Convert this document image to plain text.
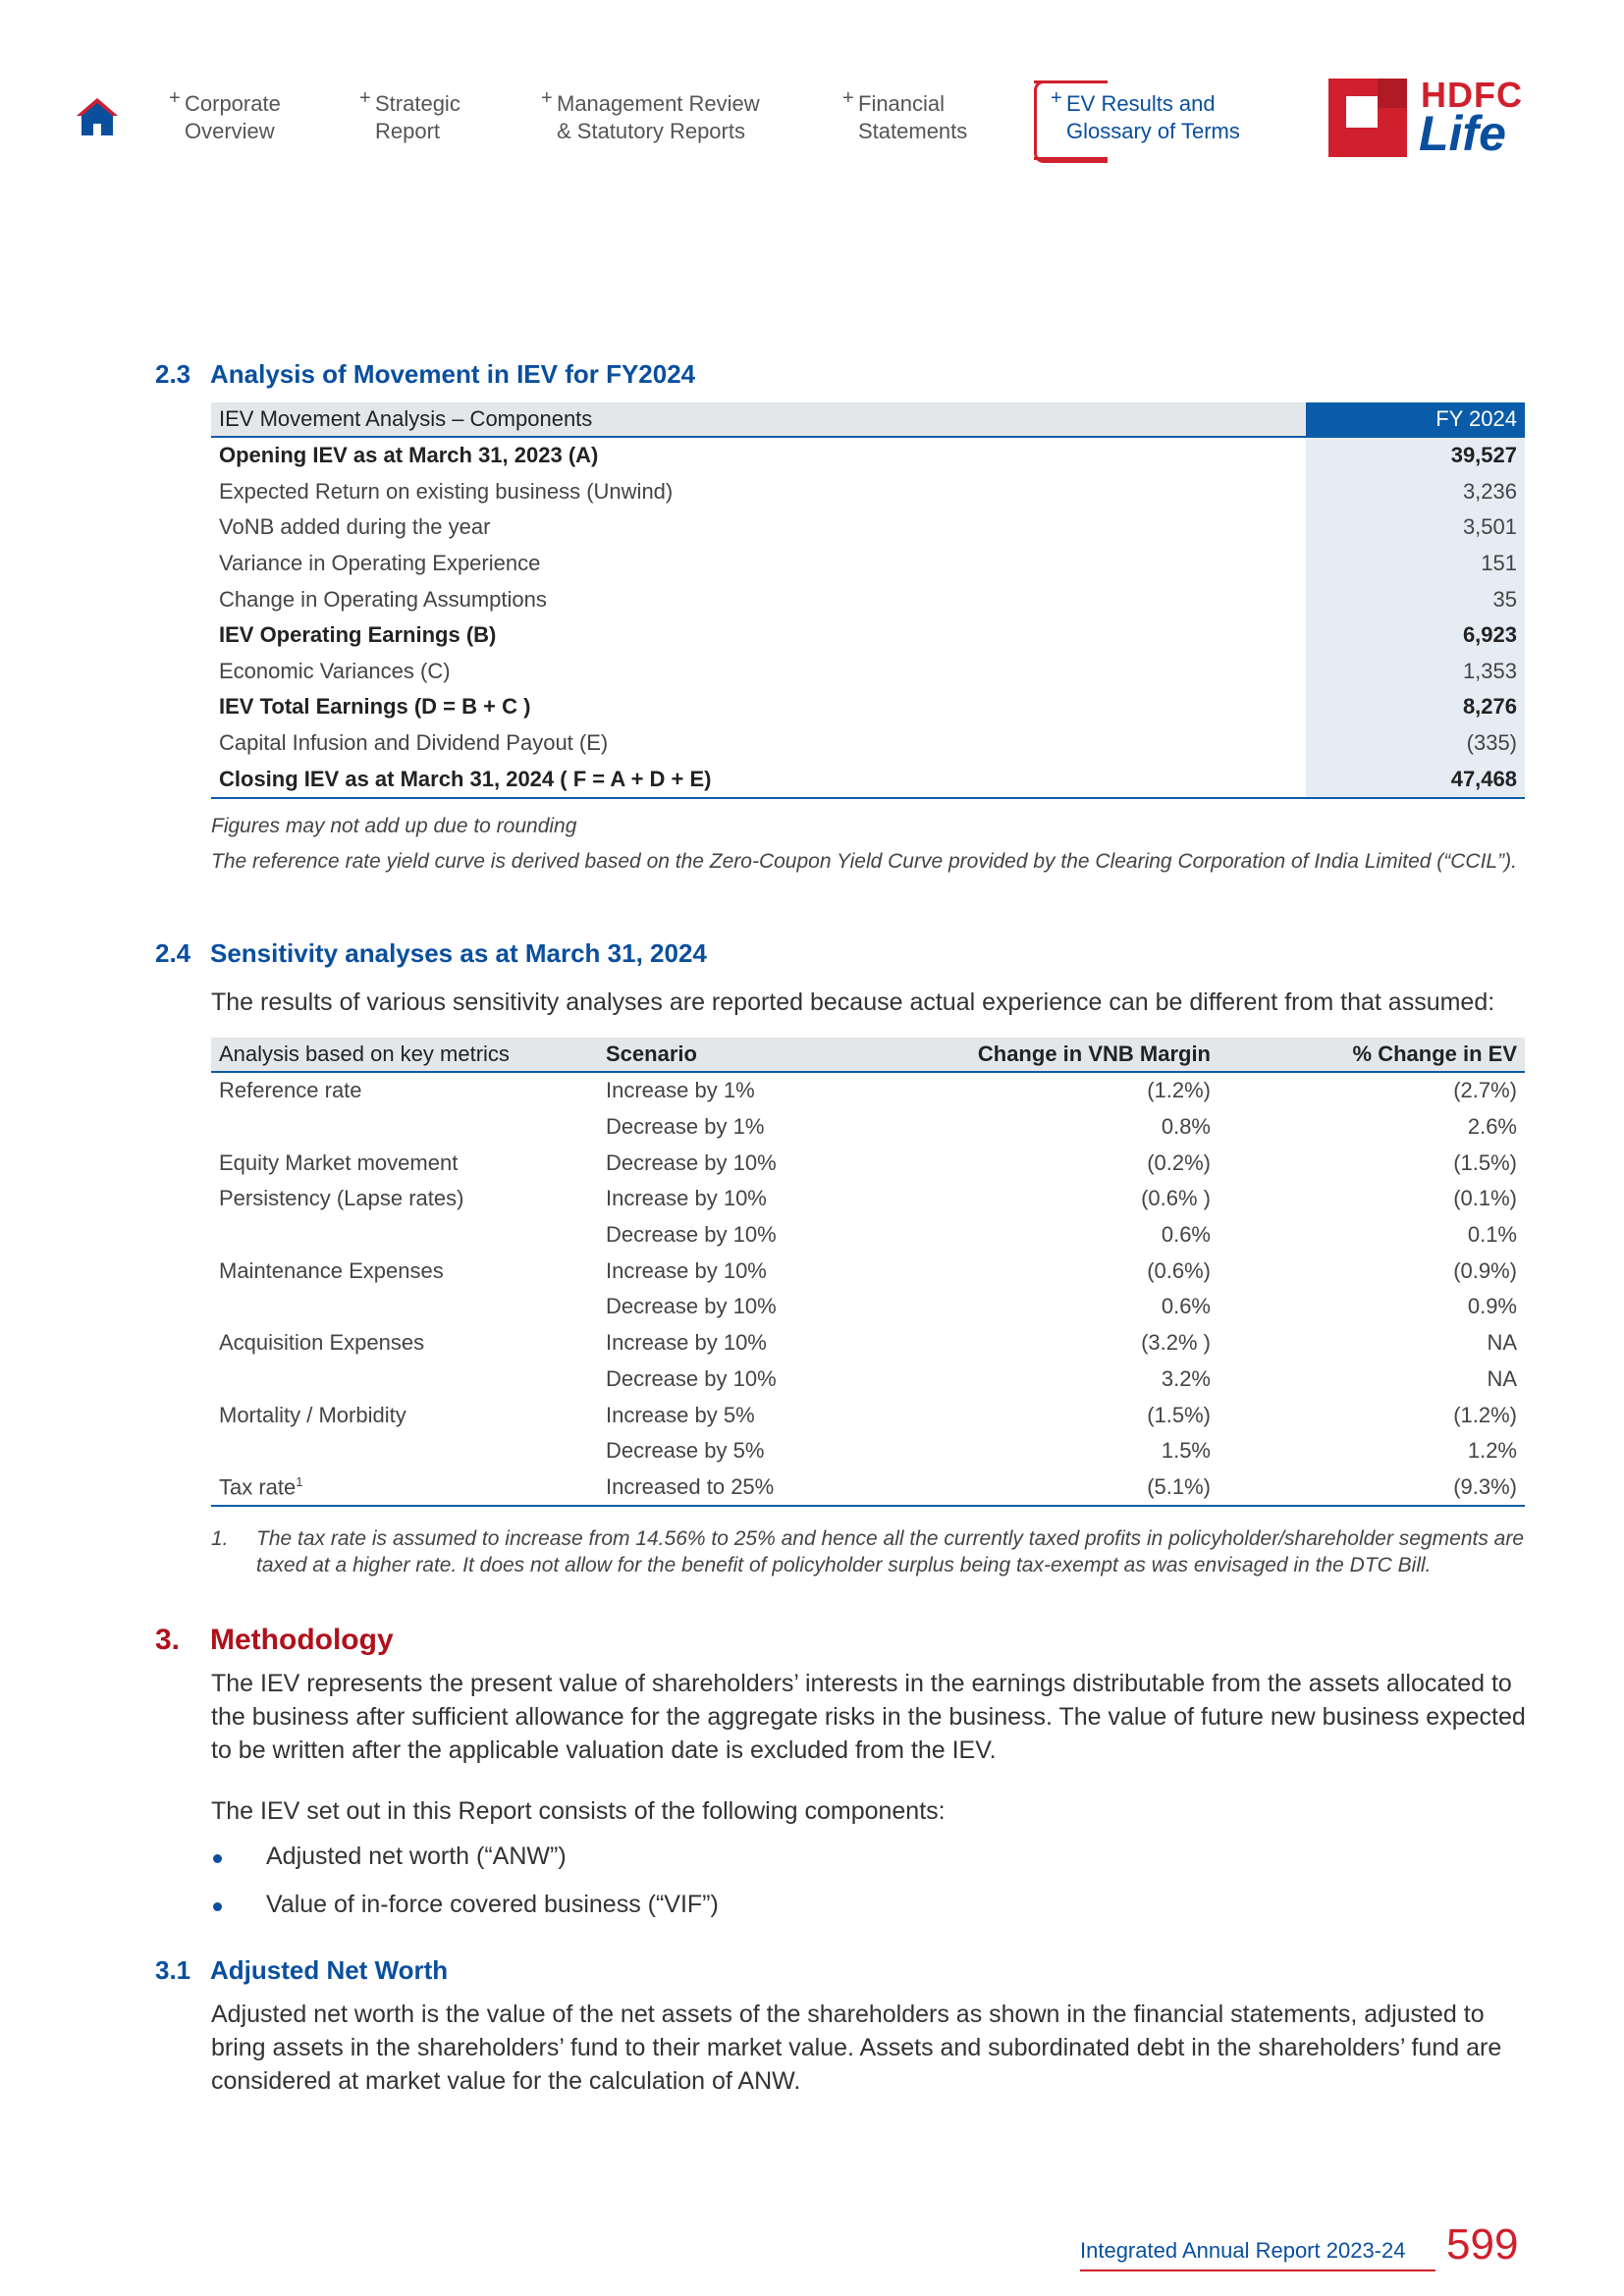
+ Corporate
Overview
+ Strategic
Report
+ Management Review
& Statutory Reports
+ Financial
Statements
+ EV Results and
Glossary of Terms
HDFC
Life
2.3 Analysis of Movement in IEV for FY2024
IEV Movement Analysis – Components	FY 2024
Opening IEV as at March 31, 2023 (A)	39,527
Expected Return on existing business (Unwind)	3,236
VoNB added during the year	3,501
Variance in Operating Experience	151
Change in Operating Assumptions	35
IEV Operating Earnings (B)	6,923
Economic Variances (C)	1,353
IEV Total Earnings (D = B + C )	8,276
Capital Infusion and Dividend Payout (E)	(335)
Closing IEV as at March 31, 2024 ( F = A + D + E)	47,468
Figures may not add up due to rounding
The reference rate yield curve is derived based on the Zero-Coupon Yield Curve provided by the Clearing Corporation of India Limited (“CCIL”).
2.4 Sensitivity analyses as at March 31, 2024
The results of various sensitivity analyses are reported because actual experience can be different from that assumed:
Analysis based on key metrics	Scenario	Change in VNB Margin	% Change in EV
Reference rate	Increase by 1%	(1.2%)	(2.7%)
	Decrease by 1%	0.8%	2.6%
Equity Market movement	Decrease by 10%	(0.2%)	(1.5%)
Persistency (Lapse rates)	Increase by 10%	(0.6% )	(0.1%)
	Decrease by 10%	0.6%	0.1%
Maintenance Expenses	Increase by 10%	(0.6%)	(0.9%)
	Decrease by 10%	0.6%	0.9%
Acquisition Expenses	Increase by 10%	(3.2% )	NA
	Decrease by 10%	3.2%	NA
Mortality / Morbidity	Increase by 5%	(1.5%)	(1.2%)
	Decrease by 5%	1.5%	1.2%
Tax rate$^1$	Increased to 25%	(5.1%)	(9.3%)
1. The tax rate is assumed to increase from 14.56% to 25% and hence all the currently taxed profits in policyholder/shareholder segments are taxed at a higher rate. It does not allow for the benefit of policyholder surplus being tax-exempt as was envisaged in the DTC Bill.
3. Methodology
The IEV represents the present value of shareholders’ interests in the earnings distributable from the assets allocated to the business after sufficient allowance for the aggregate risks in the business. The value of future new business expected to be written after the applicable valuation date is excluded from the IEV.
The IEV set out in this Report consists of the following components:
Adjusted net worth (“ANW”)
Value of in-force covered business (“VIF”)
3.1 Adjusted Net Worth
Adjusted net worth is the value of the net assets of the shareholders as shown in the financial statements, adjusted to bring assets in the shareholders’ fund to their market value. Assets and subordinated debt in the shareholders’ fund are considered at market value for the calculation of ANW.
Integrated Annual Report 2023-24 599
